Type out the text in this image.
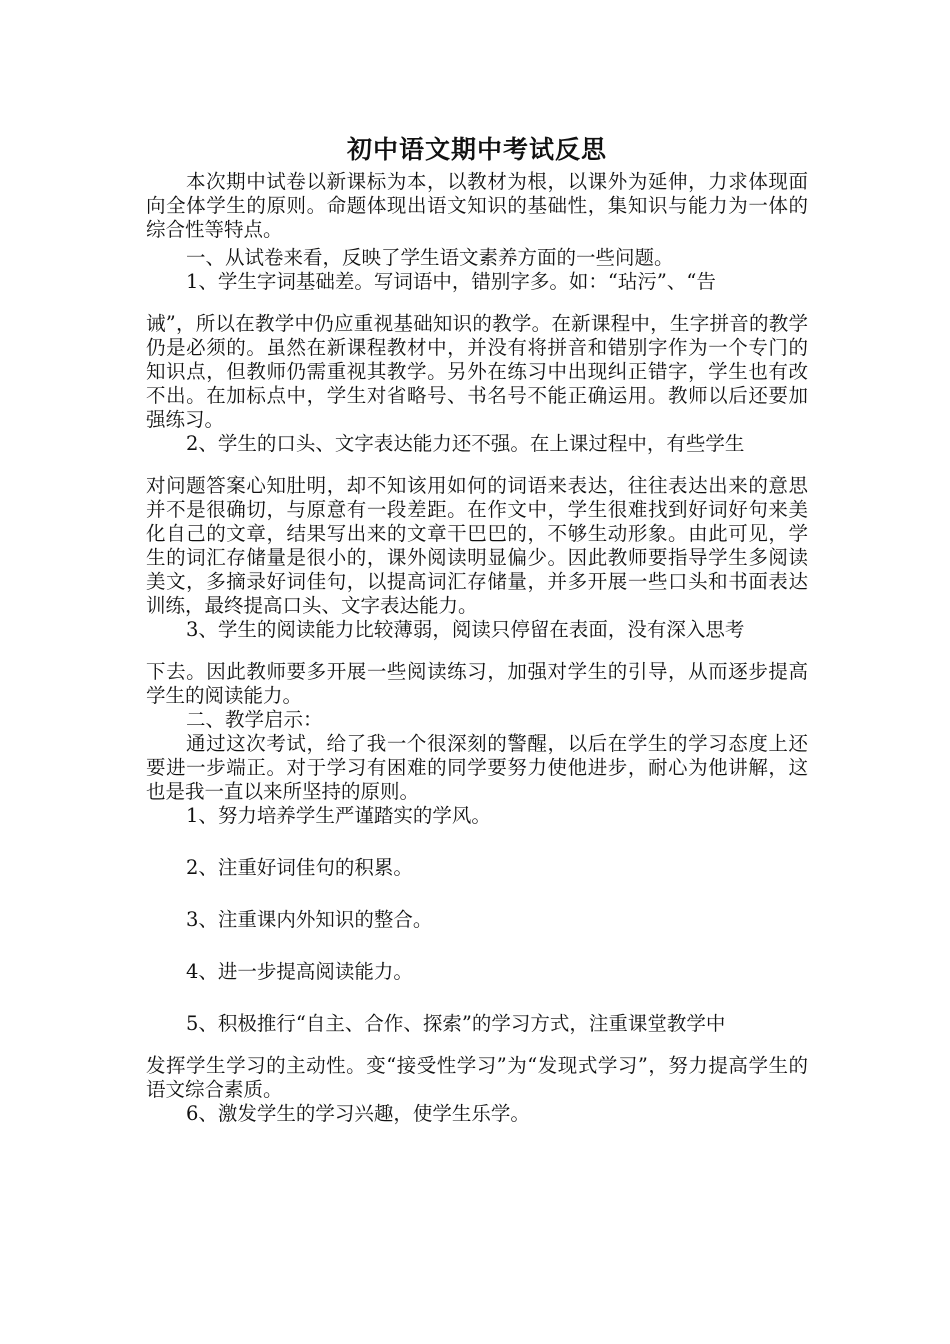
初中语文期中考试反思

本次期中试卷以新课标为本，以教材为根，以课外为延伸，力求体现面向全体学生的原则。命题体现出语文知识的基础性，集知识与能力为一体的综合性等特点。

一、从试卷来看，反映了学生语文素养方面的一些问题。

1、学生字词基础差。写词语中，错别字多。如：“玷污”、“告
诫”，所以在教学中仍应重视基础知识的教学。在新课程中，生字拼音的教学仍是必须的。虽然在新课程教材中，并没有将拼音和错别字作为一个专门的知识点，但教师仍需重视其教学。另外在练习中出现纠正错字，学生也有改不出。在加标点中，学生对省略号、书名号不能正确运用。教师以后还要加强练习。
2、学生的口头、文字表达能力还不强。在上课过程中，有些学生
对问题答案心知肚明，却不知该用如何的词语来表达，往往表达出来的意思并不是很确切，与原意有一段差距。在作文中，学生很难找到好词好句来美化自己的文章，结果写出来的文章干巴巴的，不够生动形象。由此可见，学生的词汇存储量是很小的，课外阅读明显偏少。因此教师要指导学生多阅读美文，多摘录好词佳句，以提高词汇存储量，并多开展一些口头和书面表达训练，最终提高口头、文字表达能力。
3、学生的阅读能力比较薄弱，阅读只停留在表面，没有深入思考
下去。因此教师要多开展一些阅读练习，加强对学生的引导，从而逐步提高学生的阅读能力。

二、教学启示：

通过这次考试，给了我一个很深刻的警醒，以后在学生的学习态度上还要进一步端正。对于学习有困难的同学要努力使他进步，耐心为他讲解，这也是我一直以来所坚持的原则。

1、努力培养学生严谨踏实的学风。

2、注重好词佳句的积累。

3、注重课内外知识的整合。

4、进一步提高阅读能力。

5、积极推行“自主、合作、探索”的学习方式，注重课堂教学中
发挥学生学习的主动性。变“接受性学习”为“发现式学习”，努力提高学生的语文综合素质。

6、激发学生的学习兴趣，使学生乐学。
